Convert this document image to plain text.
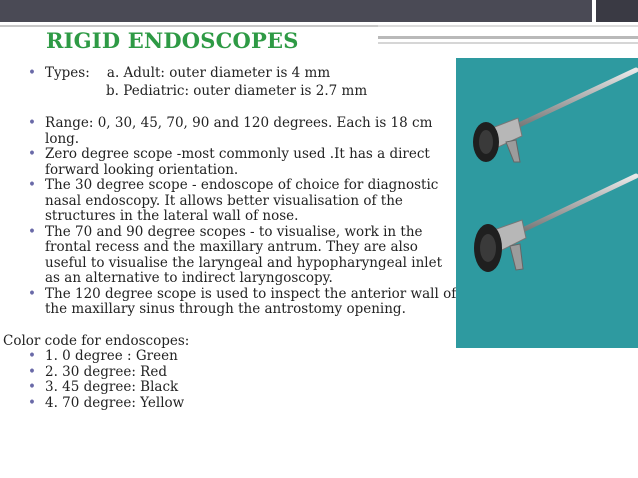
RIGID ENDOSCOPES

• Types:    a. Adult: outer diameter is 4 mm

b. Pediatric: outer diameter is 2.7 mm

• Range: 0, 30, 45, 70, 90 and 120 degrees. Each is 18 cm long.

• Zero degree scope -most commonly used .It has a direct forward looking orientation.

• The 30 degree scope - endoscope of choice for diagnostic nasal endoscopy. It allows better visualisation of the structures in the lateral wall of nose.

• The 70 and 90 degree scopes - to visualise, work in the frontal recess and the maxillary antrum. They are also useful to visualise the laryngeal and hypopharyngeal inlet as an alternative to indirect laryngoscopy.

• The 120 degree scope is used to inspect the anterior wall of the maxillary sinus through the antrostomy opening.

Color code for endoscopes:

• 1. 0 degree : Green

• 2. 30 degree: Red

• 3. 45 degree: Black

• 4. 70 degree: Yellow
